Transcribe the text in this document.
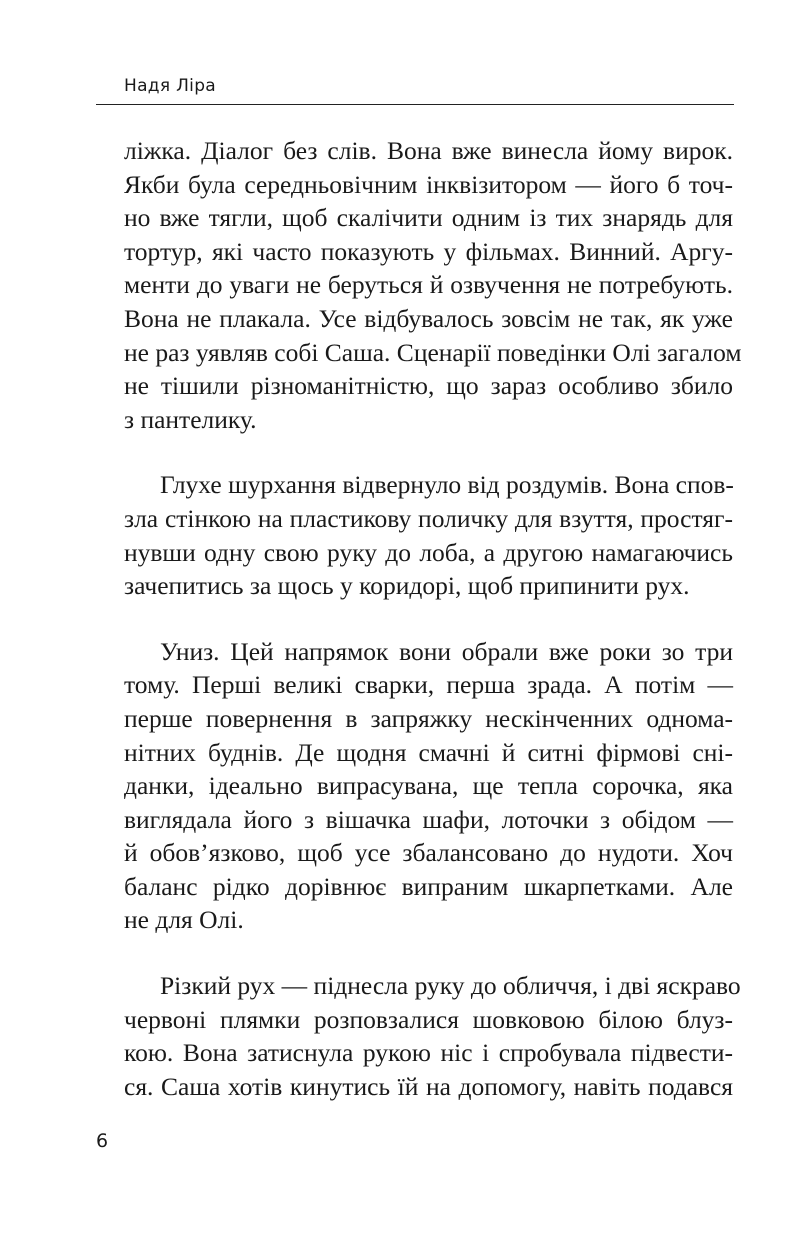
Надя Ліра
ліжка. Діалог без слів. Вона вже винесла йому вирок.
Якби була середньовічним інквізитором — його б точ-
но вже тягли, щоб скалічити одним із тих знарядь для
тортур, які часто показують у фільмах. Винний. Аргу-
менти до уваги не беруться й озвучення не потребують.
Вона не плакала. Усе відбувалось зовсім не так, як уже
не раз уявляв собі Саша. Сценарії поведінки Олі загалом
не тішили різноманітністю, що зараз особливо збило
з пантелику.
Глухе шурхання відвернуло від роздумів. Вона спов-
зла стінкою на пластикову поличку для взуття, простяг-
нувши одну свою руку до лоба, а другою намагаючись
зачепитись за щось у коридорі, щоб припинити рух.
Униз. Цей напрямок вони обрали вже роки зо три
тому. Перші великі сварки, перша зрада. А потім —
перше повернення в запряжку нескінченних однома-
нітних буднів. Де щодня смачні й ситні фірмові сні-
данки, ідеально випрасувана, ще тепла сорочка, яка
виглядала його з вішачка шафи, лоточки з обідом —
й обов’язково, щоб усе збалансовано до нудоти. Хоч
баланс рідко дорівнює випраним шкарпетками. Але
не для Олі.
Різкий рух — піднесла руку до обличчя, і дві яскраво
червоні плямки розповзалися шовковою білою блуз-
кою. Вона затиснула рукою ніс і спробувала підвести-
ся. Саша хотів кинутись їй на допомогу, навіть подався
6
